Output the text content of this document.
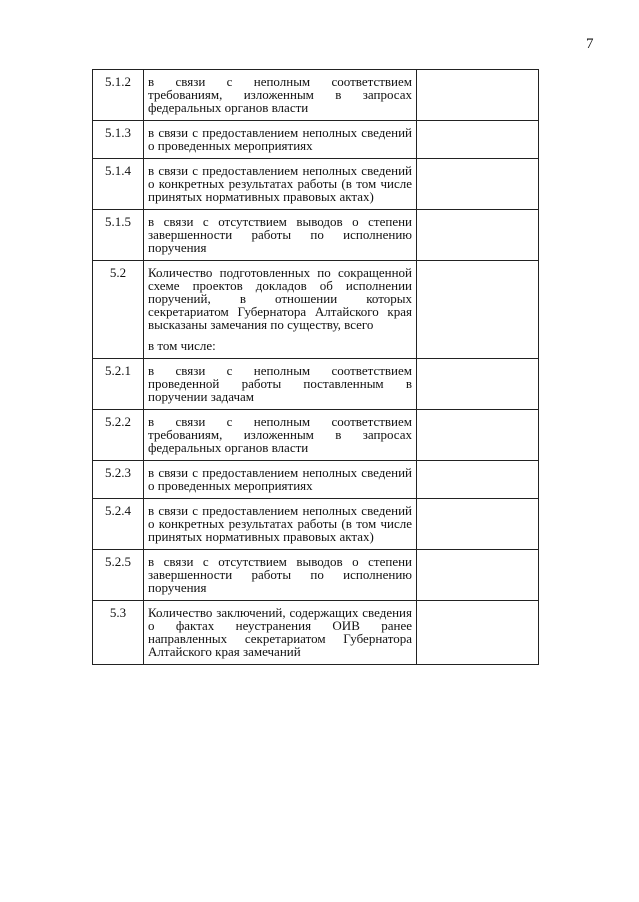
7
5.1.2	в связи с неполным соответствием требованиям, изложенным в запросах федеральных органов власти	
5.1.3	в связи с предоставлением неполных сведений о проведенных мероприятиях	
5.1.4	в связи с предоставлением неполных сведений о конкретных результатах работы (в том числе принятых нормативных правовых актах)	
5.1.5	в связи с отсутствием выводов о степени завершенности работы по исполнению поручения	
5.2	Количество подготовленных по сокращенной схеме проектов докладов об исполнении поручений, в отношении которых секретариатом Губернатора Алтайского края высказаны замечания по существу, всего
в том числе:	

5.2.1	в связи с неполным соответствием проведенной работы поставленным в поручении задачам	
5.2.2	в связи с неполным соответствием требованиям, изложенным в запросах федеральных органов власти	
5.2.3	в связи с предоставлением неполных сведений о проведенных мероприятиях	
5.2.4	в связи с предоставлением неполных сведений о конкретных результатах работы (в том числе принятых нормативных правовых актах)	
5.2.5	в связи с отсутствием выводов о степени завершенности работы по исполнению поручения	
5.3	Количество заключений, содержащих сведения о фактах неустранения ОИВ ранее направленных секретариатом Губернатора Алтайского края замечаний	
